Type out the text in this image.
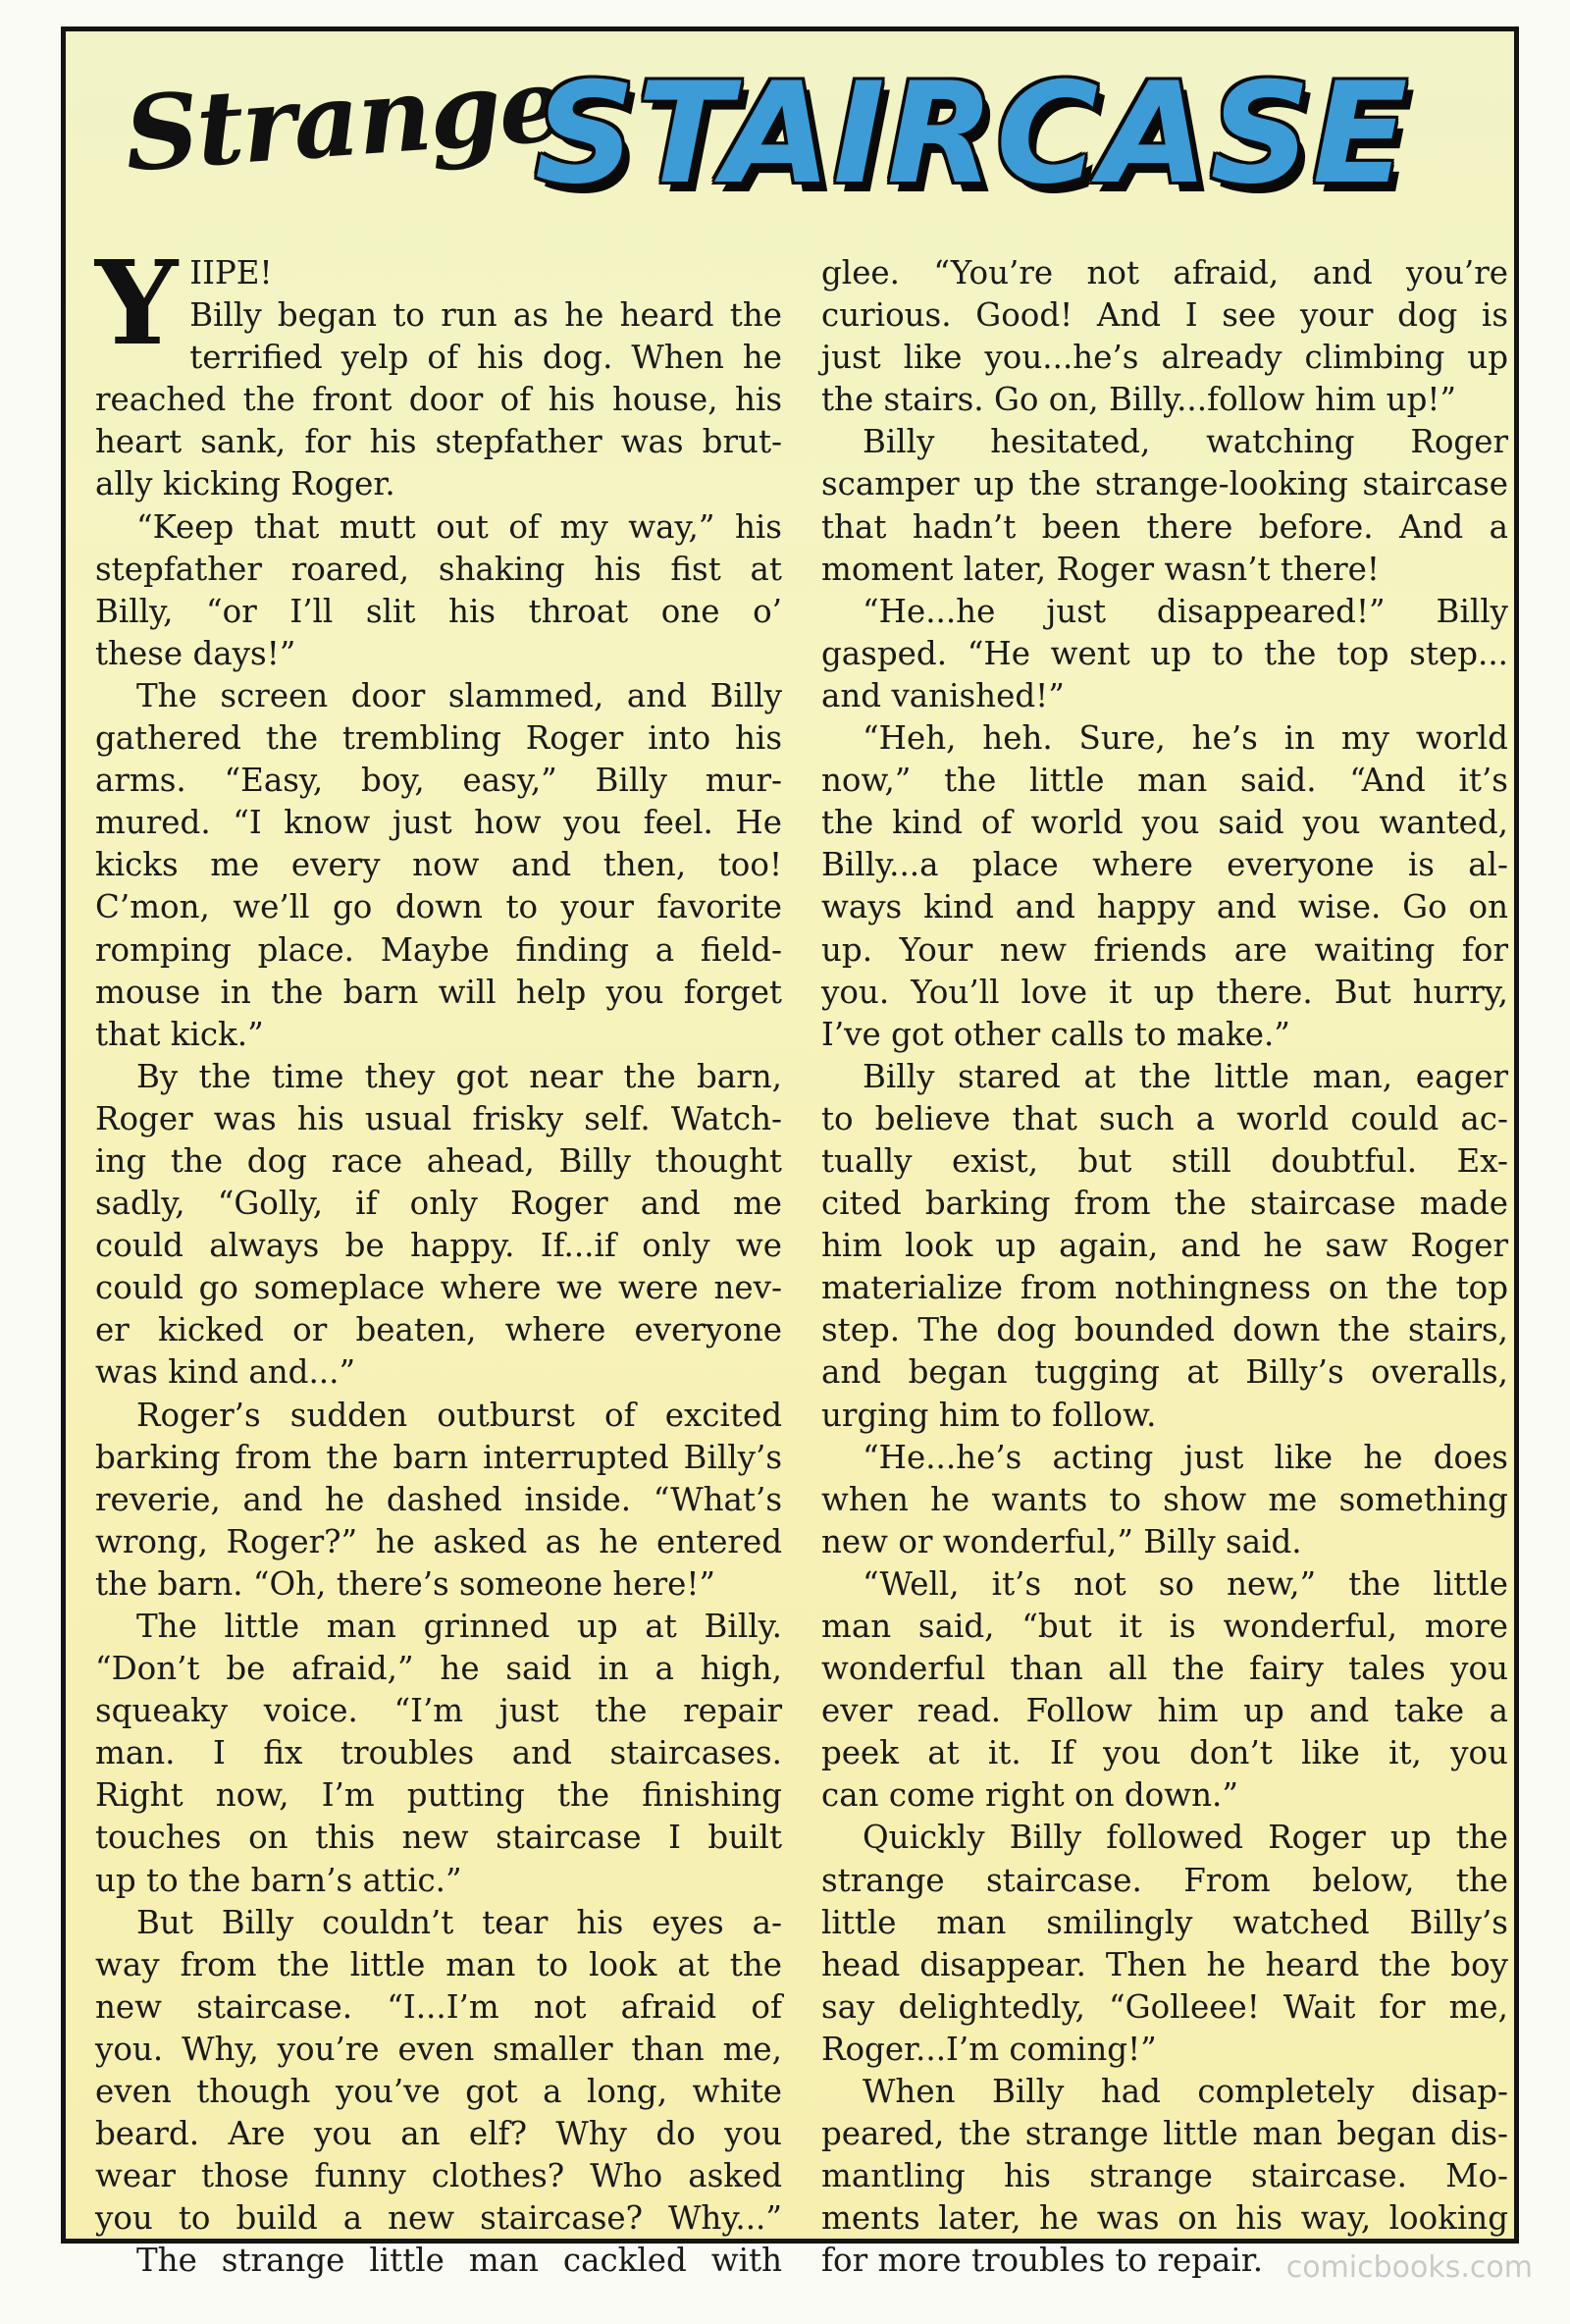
Strange
STAIRCASE
Y IIPE!
Billy began to run as he heard the
terrified yelp of his dog. When he
reached the front door of his house, his
heart sank, for his stepfather was brut-
ally kicking Roger.
“Keep that mutt out of my way,” his
stepfather roared, shaking his fist at
Billy, “or I’ll slit his throat one o’
these days!”
The screen door slammed, and Billy
gathered the trembling Roger into his
arms. “Easy, boy, easy,” Billy mur-
mured. “I know just how you feel. He
kicks me every now and then, too!
C’mon, we’ll go down to your favorite
romping place. Maybe finding a field-
mouse in the barn will help you forget
that kick.”
By the time they got near the barn,
Roger was his usual frisky self. Watch-
ing the dog race ahead, Billy thought
sadly, “Golly, if only Roger and me
could always be happy. If...if only we
could go someplace where we were nev-
er kicked or beaten, where everyone
was kind and...”
Roger’s sudden outburst of excited
barking from the barn interrupted Billy’s
reverie, and he dashed inside. “What’s
wrong, Roger?” he asked as he entered
the barn. “Oh, there’s someone here!”
The little man grinned up at Billy.
“Don’t be afraid,” he said in a high,
squeaky voice. “I’m just the repair
man. I fix troubles and staircases.
Right now, I’m putting the finishing
touches on this new staircase I built
up to the barn’s attic.”
But Billy couldn’t tear his eyes a-
way from the little man to look at the
new staircase. “I...I’m not afraid of
you. Why, you’re even smaller than me,
even though you’ve got a long, white
beard. Are you an elf? Why do you
wear those funny clothes? Who asked
you to build a new staircase? Why...”
The strange little man cackled with
glee. “You’re not afraid, and you’re
curious. Good! And I see your dog is
just like you...he’s already climbing up
the stairs. Go on, Billy...follow him up!”
Billy hesitated, watching Roger
scamper up the strange-looking staircase
that hadn’t been there before. And a
moment later, Roger wasn’t there!
“He...he just disappeared!” Billy
gasped. “He went up to the top step...
and vanished!”
“Heh, heh. Sure, he’s in my world
now,” the little man said. “And it’s
the kind of world you said you wanted,
Billy...a place where everyone is al-
ways kind and happy and wise. Go on
up. Your new friends are waiting for
you. You’ll love it up there. But hurry,
I’ve got other calls to make.”
Billy stared at the little man, eager
to believe that such a world could ac-
tually exist, but still doubtful. Ex-
cited barking from the staircase made
him look up again, and he saw Roger
materialize from nothingness on the top
step. The dog bounded down the stairs,
and began tugging at Billy’s overalls,
urging him to follow.
“He...he’s acting just like he does
when he wants to show me something
new or wonderful,” Billy said.
“Well, it’s not so new,” the little
man said, “but it is wonderful, more
wonderful than all the fairy tales you
ever read. Follow him up and take a
peek at it. If you don’t like it, you
can come right on down.”
Quickly Billy followed Roger up the
strange staircase. From below, the
little man smilingly watched Billy’s
head disappear. Then he heard the boy
say delightedly, “Golleee! Wait for me,
Roger...I’m coming!”
When Billy had completely disap-
peared, the strange little man began dis-
mantling his strange staircase. Mo-
ments later, he was on his way, looking
for more troubles to repair. comicbooks.com
